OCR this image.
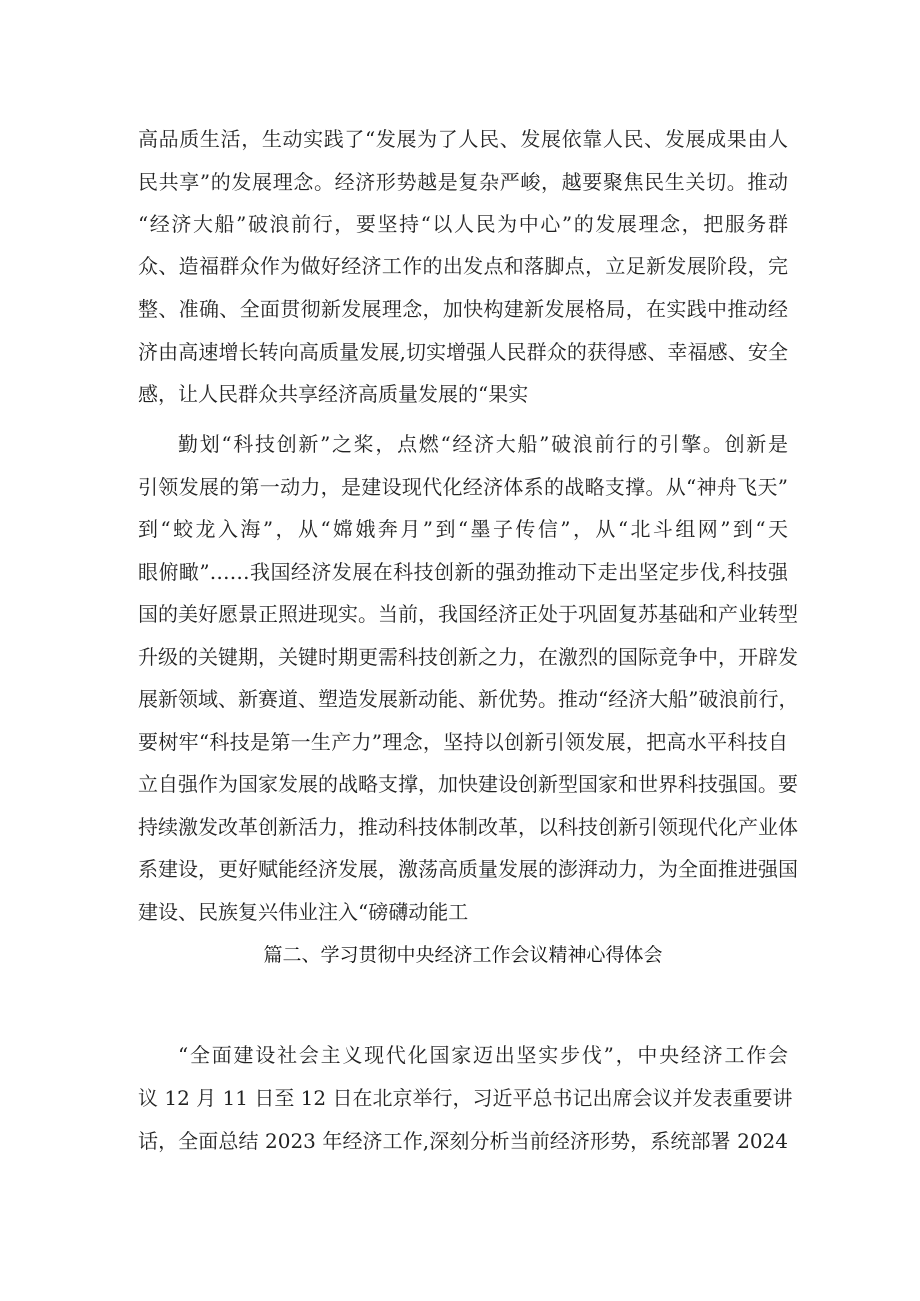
高品质生活，生动实践了“发展为了人民、发展依靠人民、发展成果由人
民共享”的发展理念。经济形势越是复杂严峻，越要聚焦民生关切。推动
“经济大船”破浪前行，要坚持“以人民为中心”的发展理念，把服务群
众、造福群众作为做好经济工作的出发点和落脚点，立足新发展阶段，完
整、准确、全面贯彻新发展理念，加快构建新发展格局，在实践中推动经
济由高速增长转向高质量发展,切实增强人民群众的获得感、幸福感、安全
感，让人民群众共享经济高质量发展的“果实
勤划“科技创新”之桨，点燃“经济大船”破浪前行的引擎。创新是
引领发展的第一动力，是建设现代化经济体系的战略支撑。从“神舟飞天”
到“蛟龙入海”，从“嫦娥奔月”到“墨子传信”，从“北斗组网”到“天
眼俯瞰”……我国经济发展在科技创新的强劲推动下走出坚定步伐,科技强
国的美好愿景正照进现实。当前，我国经济正处于巩固复苏基础和产业转型
升级的关键期，关键时期更需科技创新之力，在激烈的国际竞争中，开辟发
展新领域、新赛道、塑造发展新动能、新优势。推动“经济大船”破浪前行，
要树牢“科技是第一生产力”理念，坚持以创新引领发展，把高水平科技自
立自强作为国家发展的战略支撑，加快建设创新型国家和世界科技强国。要
持续激发改革创新活力，推动科技体制改革，以科技创新引领现代化产业体
系建设，更好赋能经济发展，激荡高质量发展的澎湃动力，为全面推进强国
建设、民族复兴伟业注入“磅礴动能工
篇二、学习贯彻中央经济工作会议精神心得体会
“全面建设社会主义现代化国家迈出坚实步伐”，中央经济工作会
议 12 月 11 日至 12 日在北京举行，习近平总书记出席会议并发表重要讲
话，全面总结 2023 年经济工作,深刻分析当前经济形势，系统部署 2024
